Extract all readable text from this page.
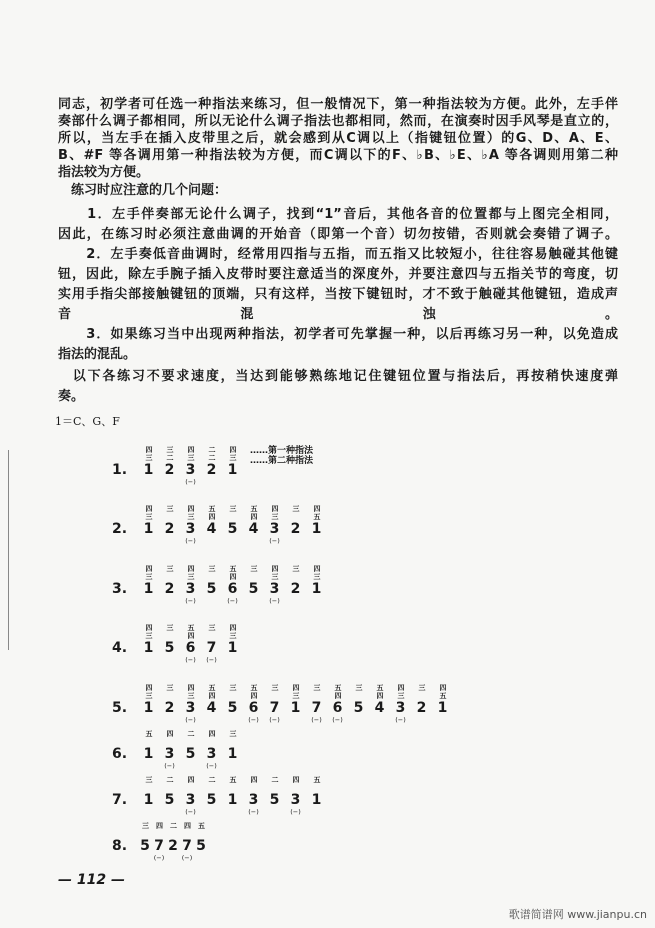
同志，初学者可任选一种指法来练习，但一般情况下，第一种指法较为方便。此外，左手伴
奏部什么调子都相同，所以无论什么调子指法也都相同，然而，在演奏时因手风琴是直立的，
所以，当左手在插入皮带里之后，就会感到从C调以上（指键钮位置）的G、D、A、E、
B、#F 等各调用第一种指法较为方便，而C调以下的F、♭B、♭E、♭A 等各调则用第二种
指法较为方便。
　练习时应注意的几个问题：
　　1．左手伴奏部无论什么调子，找到“1”音后，其他各音的位置都与上图完全相同，
因此，在练习时必须注意曲调的开始音（即第一个音）切勿按错，否则就会奏错了调子。
　　2．左手奏低音曲调时，经常用四指与五指，而五指又比较短小，往往容易触碰其他键
钮，因此，除左手腕子插入皮带时要注意适当的深度外，并要注意四与五指关节的弯度，切
实用手指尖部接触键钮的顶端，只有这样，当按下键钮时，才不致于触碰其他键钮，造成声
音混浊。
　　3．如果练习当中出现两种指法，初学者可先掌握一种，以后再练习另一种，以免造成
指法的混乱。
　以下各练习不要求速度，当达到能够熟练地记住键钮位置与指法后，再按稍快速度弹
奏。
1＝C、G、F
……第一种指法
……第二种指法
1.
四
三
1
三
二
2
四
三
3
(−)
二
二
2
四
三
1
2.
四
三
1
三
2
四
三
3
(−)
五
四
4
三
5
五
四
4
四
三
3
(−)
三
2
四
五
1
3.
四
三
1
三
2
四
三
3
(−)
三
5
五
四
6
(−)
三
5
四
三
3
(−)
三
2
四
三
1
4.
四
三
1
三
5
五
四
6
(−)
三
7
(−)
四
三
1
5.
四
三
1
三
2
四
三
3
(−)
五
四
4
三
5
五
四
6
(−)
三
7
(−)
四
三
1
三
7
(−)
五
四
6
(−)
三
5
五
四
4
四
三
3
(−)
三
2
四
五
1
6.
五
1
四
3
(−)
二
5
四
3
(−)
三
1
7.
三
1
二
5
四
3
(−)
二
5
五
1
四
3
(−)
二
5
四
3
(−)
五
1
8.
三
5
四
7
(−)
二
2
四
7
(−)
五
5
— 112 —
歌谱简谱网 www.jianpu.cn
